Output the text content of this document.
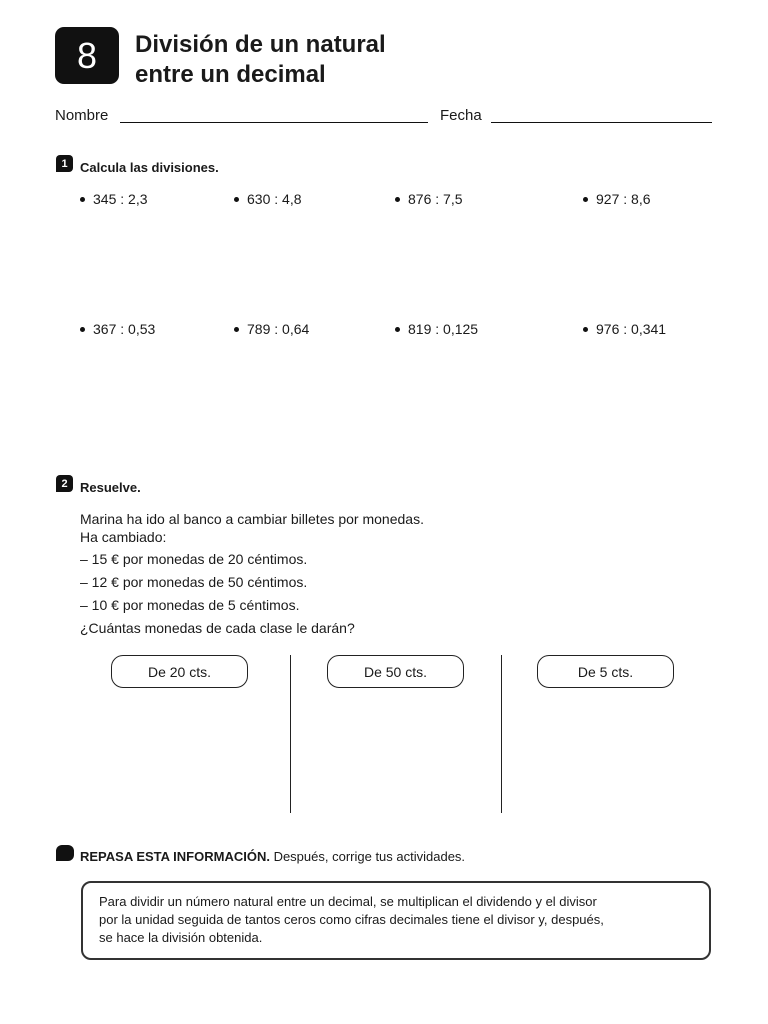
8	División de un natural
entre un decimal
Nombre	Fecha
1 Calcula las divisiones.
345 : 2,3	630 : 4,8	876 : 7,5	927 : 8,6
367 : 0,53	789 : 0,64	819 : 0,125	976 : 0,341
2 Resuelve.
Marina ha ido al banco a cambiar billetes por monedas.
Ha cambiado:
– 15 € por monedas de 20 céntimos.
– 12 € por monedas de 50 céntimos.
– 10 € por monedas de 5 céntimos.
¿Cuántas monedas de cada clase le darán?
De 20 cts.	De 50 cts.	De 5 cts.
REPASA ESTA INFORMACIÓN. Después, corrige tus actividades.
Para dividir un número natural entre un decimal, se multiplican el dividendo y el divisor
por la unidad seguida de tantos ceros como cifras decimales tiene el divisor y, después,
se hace la división obtenida.
